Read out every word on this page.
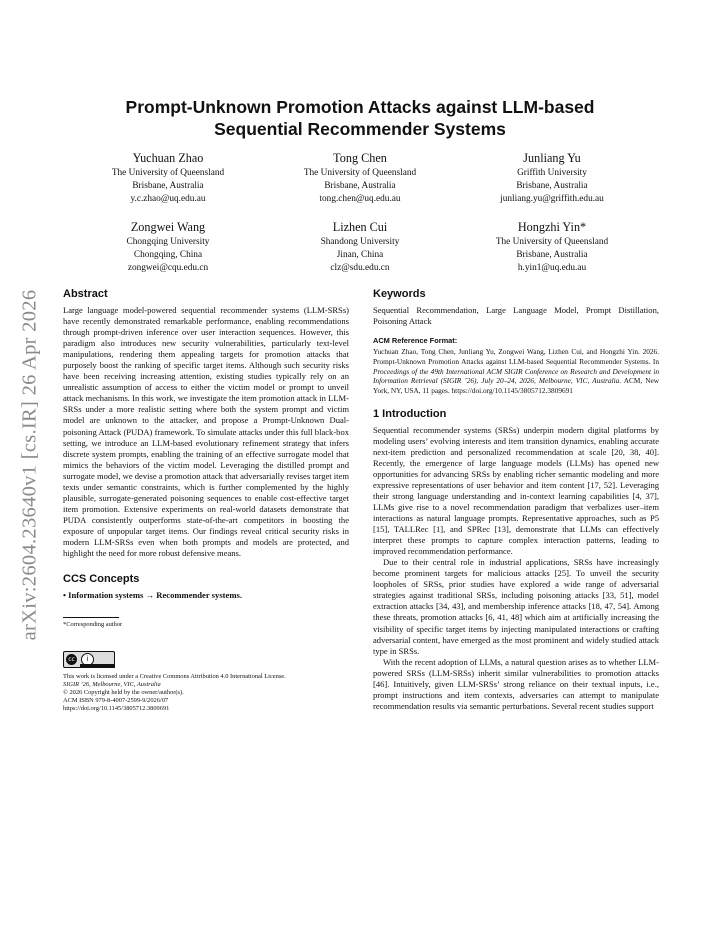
arXiv:2604.23640v1 [cs.IR] 26 Apr 2026
Prompt-Unknown Promotion Attacks against LLM-based
Sequential Recommender Systems
Yuchuan Zhao
The University of Queensland
Brisbane, Australia
y.c.zhao@uq.edu.au
Tong Chen
The University of Queensland
Brisbane, Australia
tong.chen@uq.edu.au
Junliang Yu
Griffith University
Brisbane, Australia
junliang.yu@griffith.edu.au
Zongwei Wang
Chongqing University
Chongqing, China
zongwei@cqu.edu.cn
Lizhen Cui
Shandong University
Jinan, China
clz@sdu.edu.cn
Hongzhi Yin*
The University of Queensland
Brisbane, Australia
h.yin1@uq.edu.au
Abstract

Large language model-powered sequential recommender systems (LLM-SRSs) have recently demonstrated remarkable performance, enabling recommendations through prompt-driven inference over user interaction sequences. However, this paradigm also introduces new security vulnerabilities, particularly text-level manipulations, rendering them appealing targets for promotion attacks that purposely boost the ranking of specific target items. Although such security risks have been receiving increasing attention, existing studies typically rely on an unrealistic assumption of access to either the victim model or prompt to unveil attack mechanisms. In this work, we investigate the item promotion attack in LLM-SRSs under a more realistic setting where both the system prompt and victim model are unknown to the attacker, and propose a Prompt-Unknown Dual-poisoning Attack (PUDA) framework. To simulate attacks under this full black-box setting, we introduce an LLM-based evolutionary refinement strategy that infers discrete system prompts, enabling the training of an effective surrogate model that mimics the behaviors of the victim model. Leveraging the distilled prompt and surrogate model, we devise a promotion attack that adversarially revises target item texts under semantic constraints, which is further complemented by the highly plausible, surrogate-generated poisoning sequences to enable cost-effective target item promotion. Extensive experiments on real-world datasets demonstrate that PUDA consistently outperforms state-of-the-art competitors in boosting the exposure of unpopular target items. Our findings reveal critical security risks in modern LLM-SRSs even when both prompts and models are protected, and highlight the need for more robust defensive means.

CCS Concepts

• Information systems → Recommender systems.

*Corresponding author

cc	i
This work is licensed under a Creative Commons Attribution 4.0 International License.
SIGIR ’26, Melbourne, VIC, Australia
© 2026 Copyright held by the owner/author(s).
ACM ISBN 979-8-4007-2599-9/2026/07
https://doi.org/10.1145/3805712.3809691
Keywords

Sequential Recommendation, Large Language Model, Prompt Distillation, Poisoning Attack

ACM Reference Format:

Yuchuan Zhao, Tong Chen, Junliang Yu, Zongwei Wang, Lizhen Cui, and Hongzhi Yin. 2026. Prompt-Unknown Promotion Attacks against LLM-based Sequential Recommender Systems. In Proceedings of the 49th International ACM SIGIR Conference on Research and Development in Information Retrieval (SIGIR ’26), July 20–24, 2026, Melbourne, VIC, Australia. ACM, New York, NY, USA, 11 pages. https://doi.org/10.1145/3805712.3809691

1 Introduction

Sequential recommender systems (SRSs) underpin modern digital platforms by modeling users’ evolving interests and item transition dynamics, enabling accurate next-item prediction and personalized recommendation at scale [20, 38, 40]. Recently, the emergence of large language models (LLMs) has opened new opportunities for advancing SRSs by enabling richer semantic modeling and more expressive representations of user behavior and item content [17, 52]. Leveraging their strong language understanding and in-context learning capabilities [4, 37], LLMs give rise to a novel recommendation paradigm that verbalizes user–item interactions as natural language prompts. Representative approaches, such as P5 [15], TALLRec [1], and SPRec [13], demonstrate that LLMs can effectively interpret these prompts to capture complex interaction patterns, leading to improved recommendation performance.

Due to their central role in industrial applications, SRSs have increasingly become prominent targets for malicious attacks [25]. To unveil the security loopholes of SRSs, prior studies have explored a wide range of adversarial strategies against traditional SRSs, including poisoning attacks [33, 51], model extraction attacks [34, 43], and membership inference attacks [18, 47, 54]. Among these threats, promotion attacks [6, 41, 48] which aim at artificially increasing the visibility of specific target items by injecting manipulated interactions or crafting adversarial content, have emerged as the most prominent and widely studied attack type in SRSs.

With the recent adoption of LLMs, a natural question arises as to whether LLM-powered SRSs (LLM-SRSs) inherit similar vulnerabilities to promotion attacks [46]. Intuitively, given LLM-SRSs’ strong reliance on their textual inputs, i.e., prompt instructions and item contexts, adversaries can attempt to manipulate recommendation results via semantic perturbations. Several recent studies support
